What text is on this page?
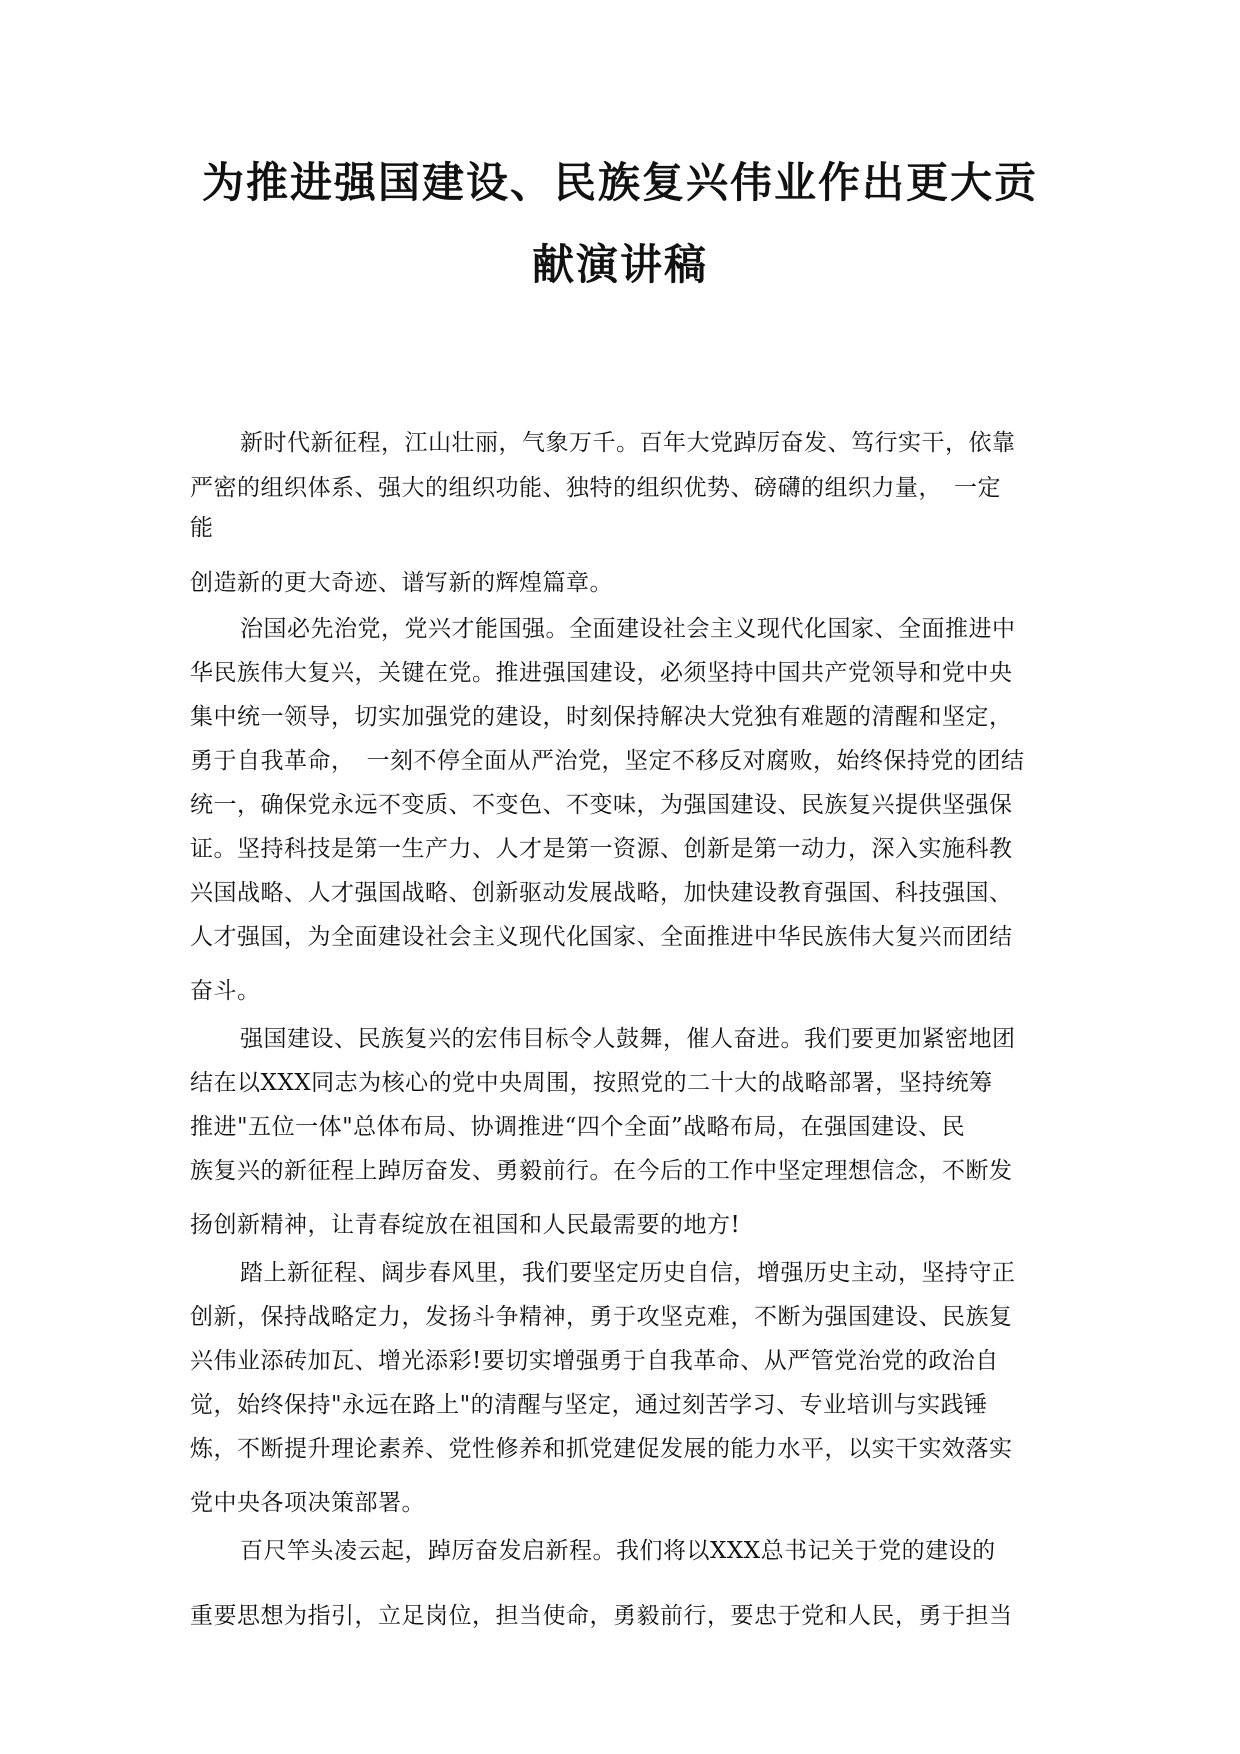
为推进强国建设、民族复兴伟业作出更大贡
献演讲稿
新时代新征程，江山壮丽，气象万千。百年大党踔厉奋发、笃行实干，依靠
严密的组织体系、强大的组织功能、独特的组织优势、磅礴的组织力量，　一定
能
创造新的更大奇迹、谱写新的辉煌篇章。
治国必先治党，党兴才能国强。全面建设社会主义现代化国家、全面推进中
华民族伟大复兴，关键在党。推进强国建设，必须坚持中国共产党领导和党中央
集中统一领导，切实加强党的建设，时刻保持解决大党独有难题的清醒和坚定，
勇于自我革命，　一刻不停全面从严治党，坚定不移反对腐败，始终保持党的团结
统一，确保党永远不变质、不变色、不变味，为强国建设、民族复兴提供坚强保
证。坚持科技是第一生产力、人才是第一资源、创新是第一动力，深入实施科教
兴国战略、人才强国战略、创新驱动发展战略，加快建设教育强国、科技强国、
人才强国，为全面建设社会主义现代化国家、全面推进中华民族伟大复兴而团结
奋斗。
强国建设、民族复兴的宏伟目标令人鼓舞，催人奋进。我们要更加紧密地团
结在以XXX同志为核心的党中央周围，按照党的二十大的战略部署，坚持统筹
推进"五位一体"总体布局、协调推进“四个全面”战略布局，在强国建设、民
族复兴的新征程上踔厉奋发、勇毅前行。在今后的工作中坚定理想信念，不断发
扬创新精神，让青春绽放在祖国和人民最需要的地方!
踏上新征程、阔步春风里，我们要坚定历史自信，增强历史主动，坚持守正
创新，保持战略定力，发扬斗争精神，勇于攻坚克难，不断为强国建设、民族复
兴伟业添砖加瓦、增光添彩!要切实增强勇于自我革命、从严管党治党的政治自
觉，始终保持"永远在路上"的清醒与坚定，通过刻苦学习、专业培训与实践锤
炼，不断提升理论素养、党性修养和抓党建促发展的能力水平，以实干实效落实
党中央各项决策部署。
百尺竿头凌云起，踔厉奋发启新程。我们将以XXX总书记关于党的建设的
重要思想为指引，立足岗位，担当使命，勇毅前行，要忠于党和人民，勇于担当
